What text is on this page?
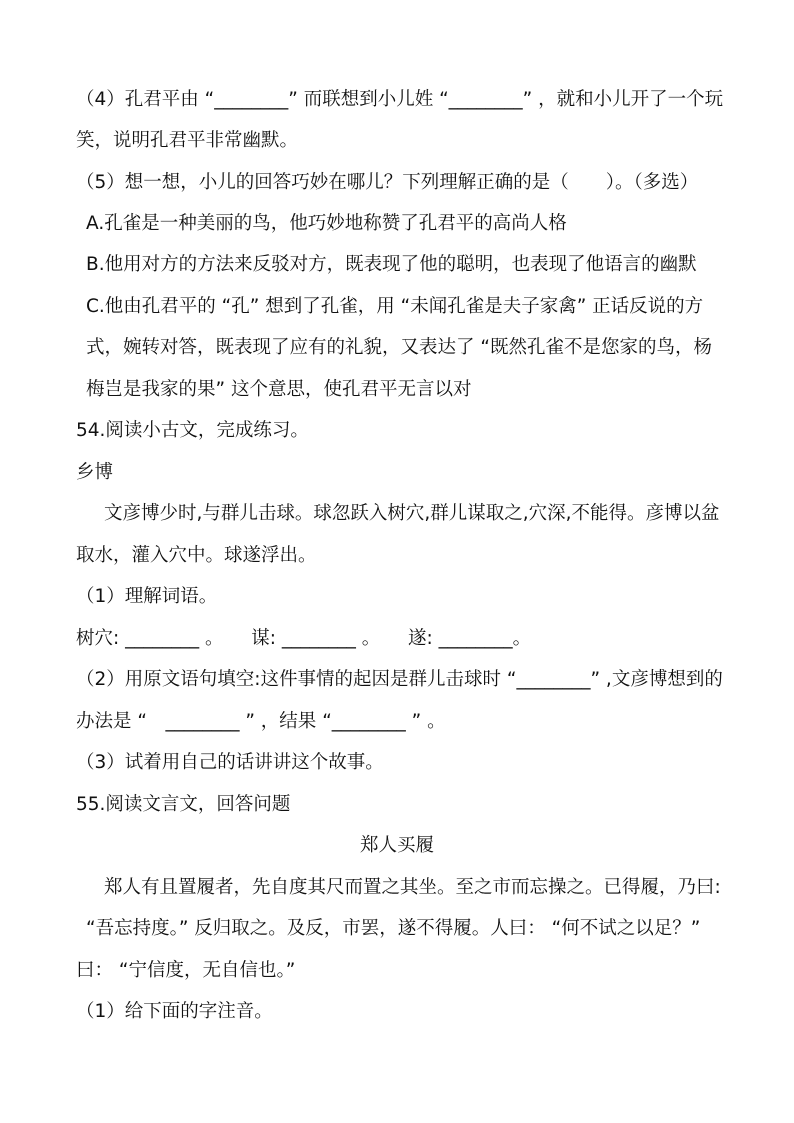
（4）孔君平由 “________” 而联想到小儿姓 “________” ，就和小儿开了一个玩
笑，说明孔君平非常幽默。
（5）想一想，小儿的回答巧妙在哪儿？下列理解正确的是（　　）。（多选）
A.孔雀是一种美丽的鸟，他巧妙地称赞了孔君平的高尚人格
B.他用对方的方法来反驳对方，既表现了他的聪明，也表现了他语言的幽默
C.他由孔君平的 “孔” 想到了孔雀，用 “未闻孔雀是夫子家禽” 正话反说的方
式，婉转对答，既表现了应有的礼貌，又表达了 “既然孔雀不是您家的鸟，杨
梅岂是我家的果” 这个意思，使孔君平无言以对
54.阅读小古文，完成练习。
乡博
文彦博少时,与群儿击球。球忽跃入树穴,群儿谋取之,穴深,不能得。彦博以盆
取水，灌入穴中。球遂浮出。
（1）理解词语。
树穴: ________ 。　　谋: ________ 。　　遂: ________。
（2）用原文语句填空:这件事情的起因是群儿击球时 “________” ,文彦博想到的
办法是 “　________ ” ，结果 “________ ” 。
（3）试着用自己的话讲讲这个故事。
55.阅读文言文，回答问题
郑人买履
郑人有且置履者，先自度其尺而置之其坐。至之市而忘操之。已得履，乃曰:
“吾忘持度。” 反归取之。及反，市罢，遂不得履。人曰： “何不试之以足？”
曰： “宁信度，无自信也。”
（1）给下面的字注音。
